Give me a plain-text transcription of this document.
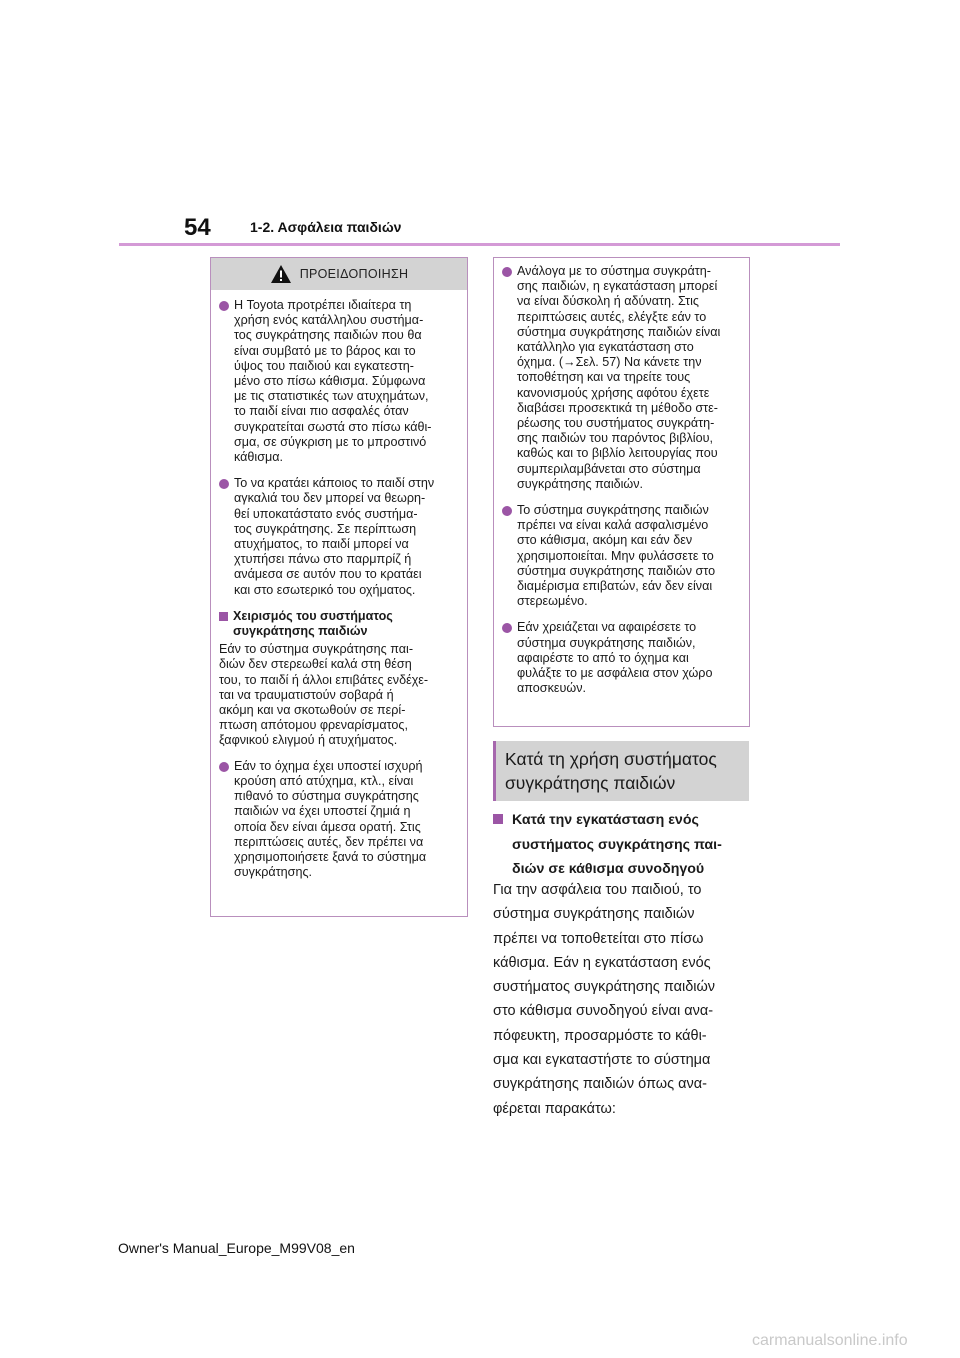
54	1-2. Ασφάλεια παιδιών
ΠΡΟΕΙΔΟΠΟΙΗΣΗ
Η Toyota προτρέπει ιδιαίτερα τη
χρήση ενός κατάλληλου συστήμα-
τος συγκράτησης παιδιών που θα
είναι συμβατό με το βάρος και το
ύψος του παιδιού και εγκατεστη-
μένο στο πίσω κάθισμα. Σύμφωνα
με τις στατιστικές των ατυχημάτων,
το παιδί είναι πιο ασφαλές όταν
συγκρατείται σωστά στο πίσω κάθι-
σμα, σε σύγκριση με το μπροστινό
κάθισμα.
Το να κρατάει κάποιος το παιδί στην
αγκαλιά του δεν μπορεί να θεωρη-
θεί υποκατάστατο ενός συστήμα-
τος συγκράτησης. Σε περίπτωση
ατυχήματος, το παιδί μπορεί να
χτυπήσει πάνω στο παρμπρίζ ή
ανάμεσα σε αυτόν που το κρατάει
και στο εσωτερικό του οχήματος.
Χειρισμός του συστήματος
συγκράτησης παιδιών
Εάν το σύστημα συγκράτησης παι-
διών δεν στερεωθεί καλά στη θέση
του, το παιδί ή άλλοι επιβάτες ενδέχε-
ται να τραυματιστούν σοβαρά ή
ακόμη και να σκοτωθούν σε περί-
πτωση απότομου φρεναρίσματος,
ξαφνικού ελιγμού ή ατυχήματος.
Εάν το όχημα έχει υποστεί ισχυρή
κρούση από ατύχημα, κτλ., είναι
πιθανό το σύστημα συγκράτησης
παιδιών να έχει υποστεί ζημιά η
οποία δεν είναι άμεσα ορατή. Στις
περιπτώσεις αυτές, δεν πρέπει να
χρησιμοποιήσετε ξανά το σύστημα
συγκράτησης.
Ανάλογα με το σύστημα συγκράτη-
σης παιδιών, η εγκατάσταση μπορεί
να είναι δύσκολη ή αδύνατη. Στις
περιπτώσεις αυτές, ελέγξτε εάν το
σύστημα συγκράτησης παιδιών είναι
κατάλληλο για εγκατάσταση στο
όχημα. (→Σελ. 57) Να κάνετε την
τοποθέτηση και να τηρείτε τους
κανονισμούς χρήσης αφότου έχετε
διαβάσει προσεκτικά τη μέθοδο στε-
ρέωσης του συστήματος συγκράτη-
σης παιδιών του παρόντος βιβλίου,
καθώς και το βιβλίο λειτουργίας που
συμπεριλαμβάνεται στο σύστημα
συγκράτησης παιδιών.
Το σύστημα συγκράτησης παιδιών
πρέπει να είναι καλά ασφαλισμένο
στο κάθισμα, ακόμη και εάν δεν
χρησιμοποιείται. Μην φυλάσσετε το
σύστημα συγκράτησης παιδιών στο
διαμέρισμα επιβατών, εάν δεν είναι
στερεωμένο.
Εάν χρειάζεται να αφαιρέσετε το
σύστημα συγκράτησης παιδιών,
αφαιρέστε το από το όχημα και
φυλάξτε το με ασφάλεια στον χώρο
αποσκευών.
Κατά τη χρήση συστήματος
συγκράτησης παιδιών
Κατά την εγκατάσταση ενός
συστήματος συγκράτησης παι-
διών σε κάθισμα συνοδηγού
Για την ασφάλεια του παιδιού, το
σύστημα συγκράτησης παιδιών
πρέπει να τοποθετείται στο πίσω
κάθισμα. Εάν η εγκατάσταση ενός
συστήματος συγκράτησης παιδιών
στο κάθισμα συνοδηγού είναι ανα-
πόφευκτη, προσαρμόστε το κάθι-
σμα και εγκαταστήστε το σύστημα
συγκράτησης παιδιών όπως ανα-
φέρεται παρακάτω:
Owner's Manual_Europe_M99V08_en
carmanualsonline.info
